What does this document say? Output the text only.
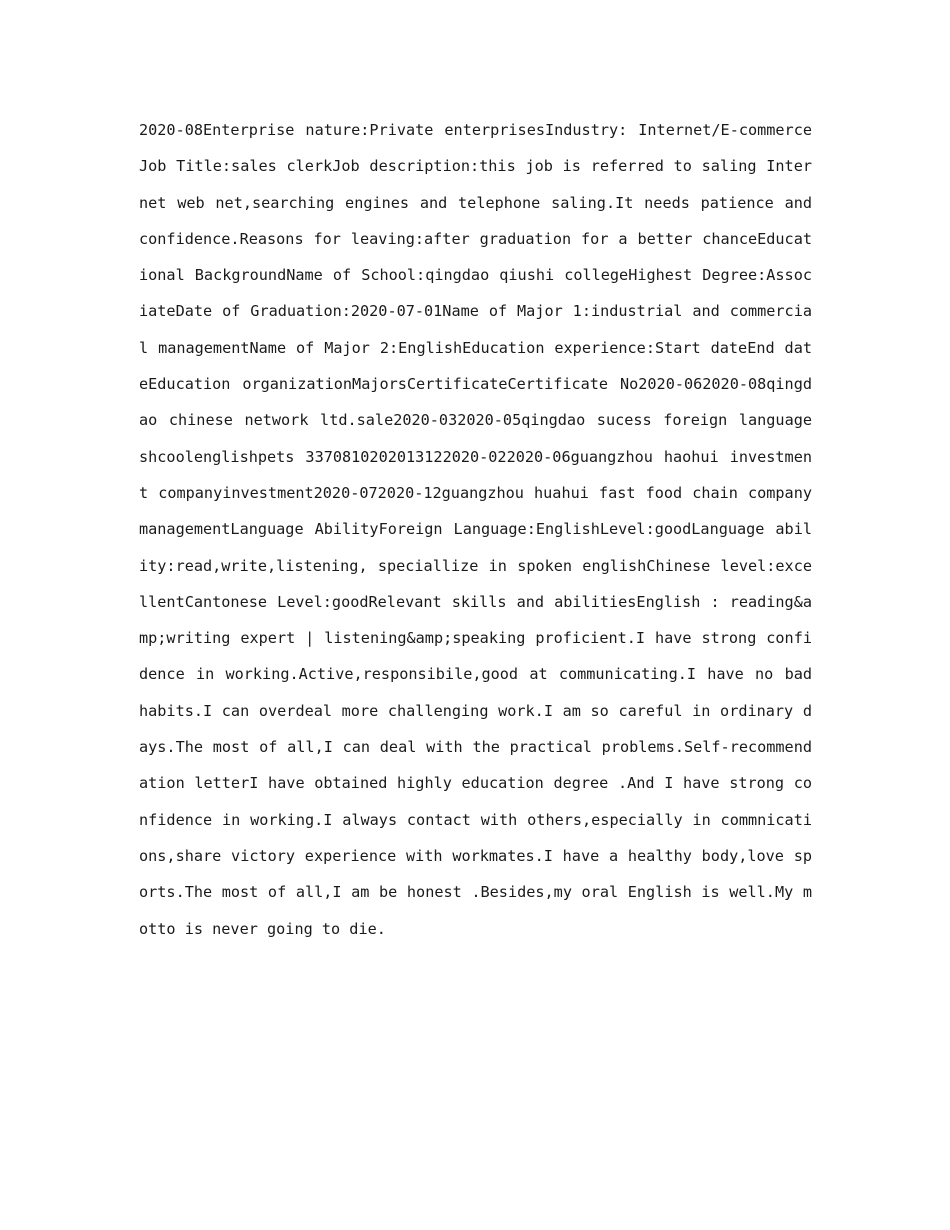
2020-08Enterprise nature:Private enterprisesIndustry: Internet/E-commerceJob Title:sales clerkJob description:this job is referred to saling Internet web net,searching engines and telephone saling.It needs patience and confidence.Reasons for leaving:after graduation for a better chanceEducational BackgroundName of School:qingdao qiushi collegeHighest Degree:AssociateDate of Graduation:2020-07-01Name of Major 1:industrial and commercial managementName of Major 2:EnglishEducation experience:Start dateEnd dateEducation organizationMajorsCertificateCertificate No2020-062020-08qingdao chinese network ltd.sale2020-032020-05qingdao sucess foreign language shcoolenglishpets 3370810202013122020-022020-06guangzhou haohui investment companyinvestment2020-072020-12guangzhou huahui fast food chain companymanagementLanguage AbilityForeign Language:EnglishLevel:goodLanguage ability:read,write,listening, speciallize in spoken englishChinese level:excellentCantonese Level:goodRelevant skills and abilitiesEnglish : reading&amp;writing expert | listening&amp;speaking proficient.I have strong confidence in working.Active,responsibile,good at communicating.I have no bad habits.I can overdeal more challenging work.I am so careful in ordinary days.The most of all,I can deal with the practical problems.Self-recommendation letterI have obtained highly education degree .And I have strong confidence in working.I always contact with others,especially in commnications,share victory experience with workmates.I have a healthy body,love sports.The most of all,I am be honest .Besides,my oral English is well.My motto is never going to die.
